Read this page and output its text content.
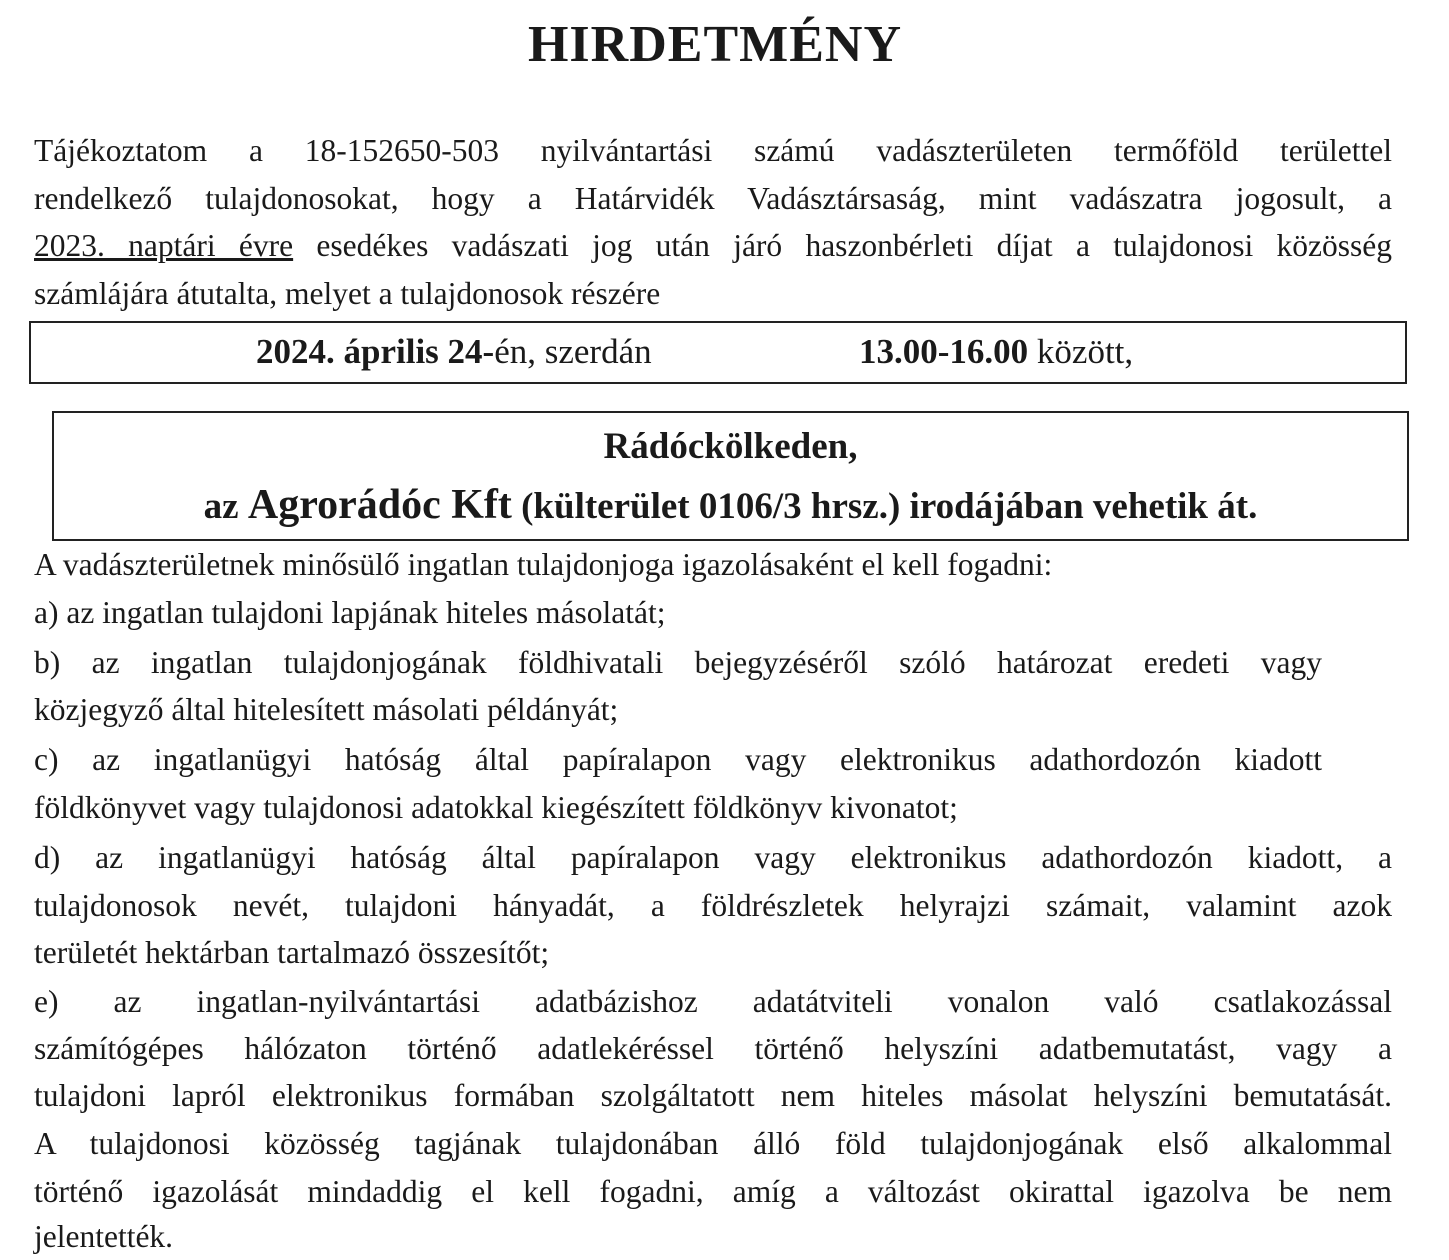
HIRDETMÉNY

Tájékoztatom a 18-152650-503 nyilvántartási számú vadászterületen termőföld területtel

rendelkező tulajdonosokat, hogy a Határvidék Vadásztársaság, mint vadászatra jogosult, a

2023. naptári évre esedékes vadászati jog után járó haszonbérleti díjat a tulajdonosi közösség

számlájára átutalta, melyet a tulajdonosok részére

2024. április 24-én, szerdán	13.00-16.00 között,
Rádóckölkeden,
az Agrorádóc Kft (külterület 0106/3 hrsz.) irodájában vehetik át.

A vadászterületnek minősülő ingatlan tulajdonjoga igazolásaként el kell fogadni:

a) az ingatlan tulajdoni lapjának hiteles másolatát;

b) az ingatlan tulajdonjogának földhivatali bejegyzéséről szóló határozat eredeti vagy

közjegyző által hitelesített másolati példányát;

c) az ingatlanügyi hatóság által papíralapon vagy elektronikus adathordozón kiadott

földkönyvet vagy tulajdonosi adatokkal kiegészített földkönyv kivonatot;

d) az ingatlanügyi hatóság által papíralapon vagy elektronikus adathordozón kiadott, a

tulajdonosok nevét, tulajdoni hányadát, a földrészletek helyrajzi számait, valamint azok

területét hektárban tartalmazó összesítőt;

e) az ingatlan-nyilvántartási adatbázishoz adatátviteli vonalon való csatlakozással

számítógépes hálózaton történő adatlekéréssel történő helyszíni adatbemutatást, vagy a

tulajdoni lapról elektronikus formában szolgáltatott nem hiteles másolat helyszíni bemutatását.

A tulajdonosi közösség tagjának tulajdonában álló föld tulajdonjogának első alkalommal

történő igazolását mindaddig el kell fogadni, amíg a változást okirattal igazolva be nem

jelentették.
